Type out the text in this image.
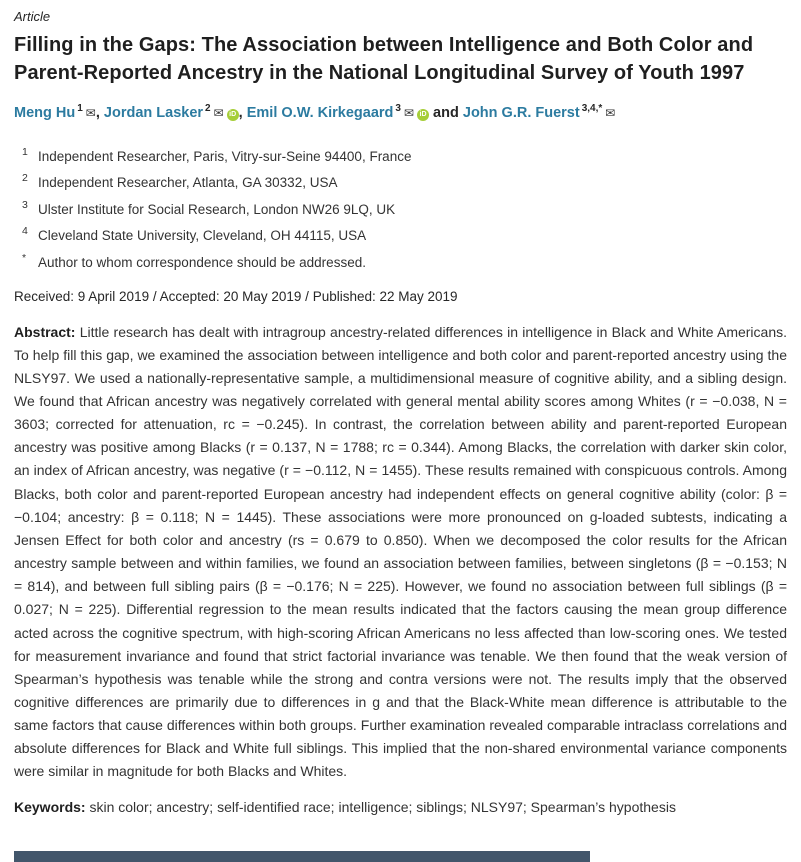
Article
Filling in the Gaps: The Association between Intelligence and Both Color and Parent-Reported Ancestry in the National Longitudinal Survey of Youth 1997
Meng Hu $^1$ ✉, Jordan Lasker $^2$ ✉ iD , Emil O.W. Kirkegaard $^3$ ✉ iD and John G.R. Fuerst $^{3,4,*}$ ✉
1 Independent Researcher, Paris, Vitry-sur-Seine 94400, France
2 Independent Researcher, Atlanta, GA 30332, USA
3 Ulster Institute for Social Research, London NW26 9LQ, UK
4 Cleveland State University, Cleveland, OH 44115, USA
* Author to whom correspondence should be addressed.
Received: 9 April 2019 / Accepted: 20 May 2019 / Published: 22 May 2019

Abstract: Little research has dealt with intragroup ancestry-related differences in intelligence in Black and White Americans. To help fill this gap, we examined the association between intelligence and both color and parent-reported ancestry using the NLSY97. We used a nationally-representative sample, a multidimensional measure of cognitive ability, and a sibling design. We found that African ancestry was negatively correlated with general mental ability scores among Whites (r = −0.038, N = 3603; corrected for attenuation, rc = −0.245). In contrast, the correlation between ability and parent-reported European ancestry was positive among Blacks (r = 0.137, N = 1788; rc = 0.344). Among Blacks, the correlation with darker skin color, an index of African ancestry, was negative (r = −0.112, N = 1455). These results remained with conspicuous controls. Among Blacks, both color and parent-reported European ancestry had independent effects on general cognitive ability (color: β = −0.104; ancestry: β = 0.118; N = 1445). These associations were more pronounced on g-loaded subtests, indicating a Jensen Effect for both color and ancestry (rs = 0.679 to 0.850). When we decomposed the color results for the African ancestry sample between and within families, we found an association between families, between singletons (β = −0.153; N = 814), and between full sibling pairs (β = −0.176; N = 225). However, we found no association between full siblings (β = 0.027; N = 225). Differential regression to the mean results indicated that the factors causing the mean group difference acted across the cognitive spectrum, with high-scoring African Americans no less affected than low-scoring ones. We tested for measurement invariance and found that strict factorial invariance was tenable. We then found that the weak version of Spearman’s hypothesis was tenable while the strong and contra versions were not. The results imply that the observed cognitive differences are primarily due to differences in g and that the Black-White mean difference is attributable to the same factors that cause differences within both groups. Further examination revealed comparable intraclass correlations and absolute differences for Black and White full siblings. This implied that the non-shared environmental variance components were similar in magnitude for both Blacks and Whites.

Keywords: skin color; ancestry; self-identified race; intelligence; siblings; NLSY97; Spearman’s hypothesis
